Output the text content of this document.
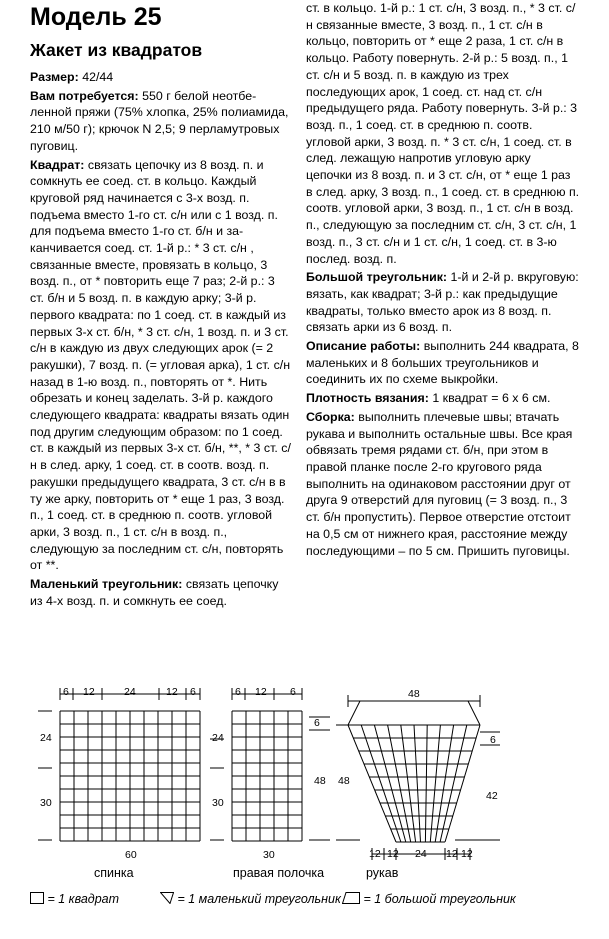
Модель 25
Жакет из квадратов
Размер: 42/44
Вам потребуется: 550 г белой неотбеленной пряжи (75% хлопка, 25% полиамида, 210 м/50 г); крючок N 2,5; 9 перламутровых пуговиц.
Квадрат: связать цепочку из 8 возд. п. и сомкнуть ее соед. ст. в кольцо. Каждый круговой ряд начинается с 3-х возд. п. подъема вместо 1-го ст. с/н или с 1 возд. п. для подъема вместо 1-го ст. б/н и заканчивается соед. ст. 1-й р.: * 3 ст. с/н , связанные вместе, провязать в кольцо, 3 возд. п., от * повторить еще 7 раз; 2-й р.: 3 ст. б/н и 5 возд. п. в каждую арку; 3-й р. первого квадрата: по 1 соед. ст. в каждый из первых 3-х ст. б/н, * 3 ст. с/н, 1 возд. п. и 3 ст. с/н в каждую из двух следующих арок (= 2 ракушки), 7 возд. п. (= угловая арка), 1 ст. с/н назад в 1-ю возд. п., повторять от *. Нить обрезать и конец заделать. 3-й р. каждого следующего квадрата: квадраты вязать один под другим следующим образом: по 1 соед. ст. в каждый из первых 3-х ст. б/н, **, * 3 ст. с/н в след. арку, 1 соед. ст. в соотв. возд. п. ракушки предыдущего квадрата, 3 ст. с/н в в ту же арку, повторить от * еще 1 раз, 3 возд. п., 1 соед. ст. в среднюю п. соотв. угловой арки, 3 возд. п., 1 ст. с/н в возд. п., следующую за последним ст. с/н, повторять от **.
Маленький треугольник: связать цепочку из 4-х возд. п. и сомкнуть ее соед.
ст. в кольцо. 1-й р.: 1 ст. с/н, 3 возд. п., * 3 ст. с/н связанные вместе, 3 возд. п., 1 ст. с/н в кольцо, повторить от * еще 2 раза, 1 ст. с/н в кольцо. Работу повернуть. 2-й р.: 5 возд. п., 1 ст. с/н и 5 возд. п. в каждую из трех последующих арок, 1 соед. ст. над ст. с/н предыдущего ряда. Работу повернуть. 3-й р.: 3 возд. п., 1 соед. ст. в среднюю п. соотв. угловой арки, 3 возд. п. * 3 ст. с/н, 1 соед. ст. в след. лежащую напротив угловую арку цепочки из 8 возд. п. и 3 ст. с/н, от * еще 1 раз в след. арку, 3 возд. п., 1 соед. ст. в среднюю п. соотв. угловой арки, 3 возд. п., 1 ст. с/н в возд. п., следующую за последним ст. с/н, 3 ст. с/н, 1 возд. п., 3 ст. с/н и 1 ст. с/н, 1 соед. ст. в 3-ю послед. возд. п.
Большой треугольник: 1-й и 2-й р. вкруговую: вязать, как квадрат; 3-й р.: как предыдущие квадраты, только вместо арок из 8 возд. п. связать арки из 6 возд. п.
Описание работы: выполнить 244 квадрата, 8 маленьких и 8 больших треугольников и соединить их по схеме выкройки.
Плотность вязания: 1 квадрат = 6 х 6 см.
Сборка: выполнить плечевые швы; втачать рукава и выполнить остальные швы. Все края обвязать тремя рядами ст. б/н, при этом в правой планке после 2-го кругового ряда выполнить на одинаковом расстоянии друг от друга 9 отверстий для пуговиц (= 3 возд. п., 3 ст. б/н пропустить). Первое отверстие отстоит на 0,5 см от нижнего края, расстояние между последующими – по 5 см. Пришить пуговицы.
6 12	24	12 6
24
30
60
спинка
6 12 6
24
30
6
48
30
правая полочка
48
48
6
42
12 12 24 12 12
рукав
= 1 квадрат	= 1 маленький треугольник	= 1 большой треугольник
